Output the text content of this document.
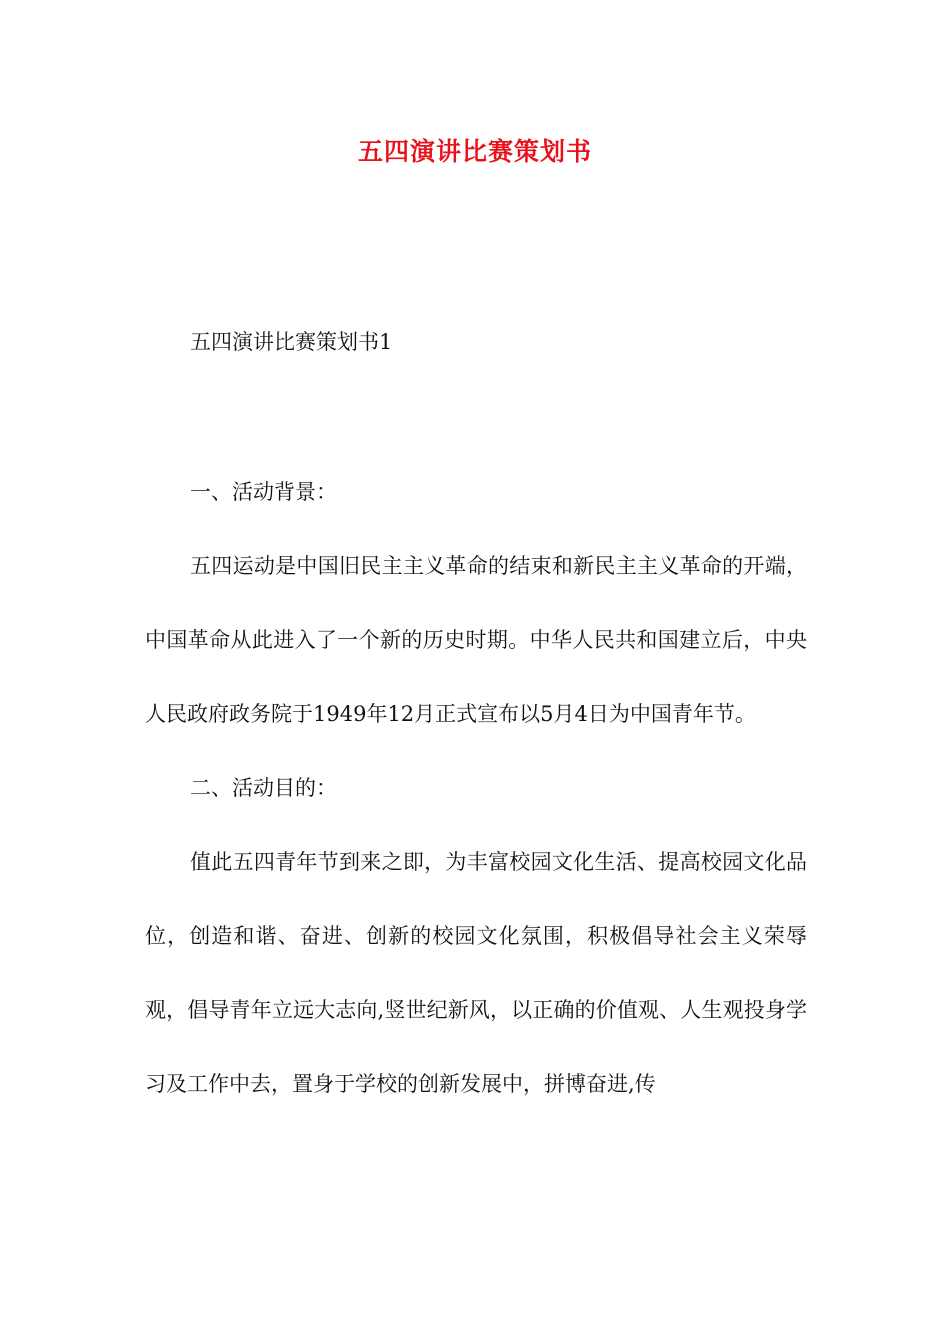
五四演讲比赛策划书
五四演讲比赛策划书1

一、活动背景：

五四运动是中国旧民主主义革命的结束和新民主主义革命的开端，中国革命从此进入了一个新的历史时期。中华人民共和国建立后，中央人民政府政务院于1949年12月正式宣布以5月4日为中国青年节。

二、活动目的：

值此五四青年节到来之即，为丰富校园文化生活、提高校园文化品位，创造和谐、奋进、创新的校园文化氛围，积极倡导社会主义荣辱观，倡导青年立远大志向,竖世纪新风，以正确的价值观、人生观投身学习及工作中去，置身于学校的创新发展中，拼博奋进,传
